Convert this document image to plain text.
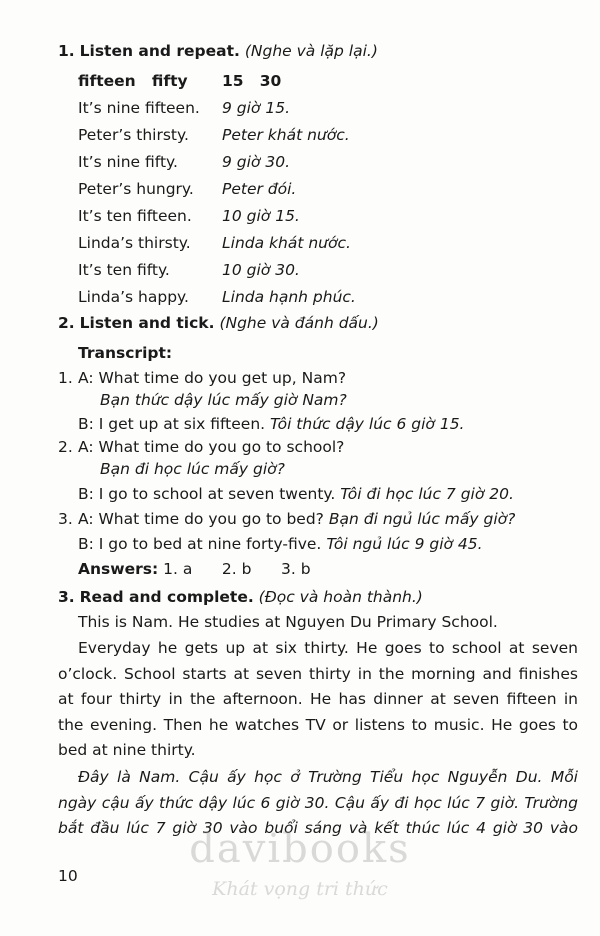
1. Listen and repeat. (Nghe và lặp lại.)
fifteen   fifty 15   30
It’s nine fifteen. 9 giờ 15.
Peter’s thirsty. Peter khát nước.
It’s nine fifty.	9 giờ 30.
Peter’s hungry. Peter đói.
It’s ten fifteen. 10 giờ 15.
Linda’s thirsty. Linda khát nước.
It’s ten fifty.	10 giờ 30.
Linda’s happy. Linda hạnh phúc.
2. Listen and tick. (Nghe và đánh dấu.)
Transcript:
1. A: What time do you get up, Nam?
Bạn thức dậy lúc mấy giờ Nam?
B: I get up at six fifteen. Tôi thức dậy lúc 6 giờ 15.
2. A: What time do you go to school?
Bạn đi học lúc mấy giờ?
B: I go to school at seven twenty. Tôi đi học lúc 7 giờ 20.
3. A: What time do you go to bed? Bạn đi ngủ lúc mấy giờ?
B: I go to bed at nine forty-five. Tôi ngủ lúc 9 giờ 45.
Answers: 1. a      2. b      3. b
3. Read and complete. (Đọc và hoàn thành.)
This is Nam. He studies at Nguyen Du Primary School.
Everyday he gets up at six thirty. He goes to school at seven o’clock. School starts at seven thirty in the morning and finishes at four thirty in the afternoon. He has dinner at seven fifteen in the evening. Then he watches TV or listens to music. He goes to bed at nine thirty.
Đây là Nam. Cậu ấy học ở Trường Tiểu học Nguyễn Du. Mỗi ngày cậu ấy thức dậy lúc 6 giờ 30. Cậu ấy đi học lúc 7 giờ. Trường bắt đầu lúc 7 giờ 30 vào buổi sáng và kết thúc lúc 4 giờ 30 vào
10
davibooks
Khát vọng tri thức
